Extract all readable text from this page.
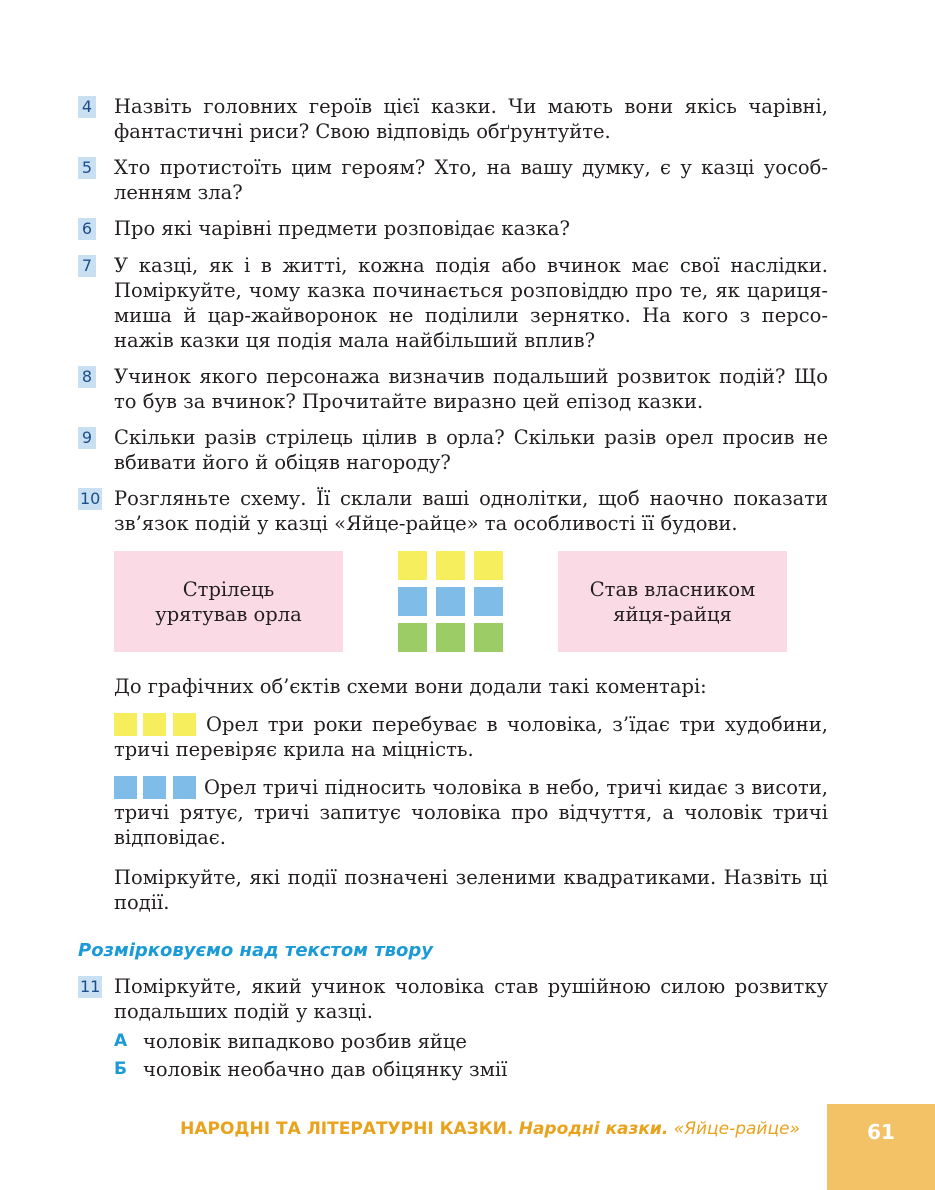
4 Назвіть головних героїв цієї казки. Чи мають вони якісь чарівні, фантастичні риси? Свою відповідь обґрунтуйте.
5 Хто протистоїть цим героям? Хто, на вашу думку, є у казці уособленням зла?
6 Про які чарівні предмети розповідає казка?
7 У казці, як і в житті, кожна подія або вчинок має свої наслідки. Поміркуйте, чому казка починається розповіддю про те, як цариця-миша й цар-жайворонок не поділили зернятко. На кого з персонажів казки ця подія мала найбільший вплив?
8 Учинок якого персонажа визначив подальший розвиток подій? Що то був за вчинок? Прочитайте виразно цей епізод казки.
9 Скільки разів стрілець цілив в орла? Скільки разів орел просив не вбивати його й обіцяв нагороду?
10 Розгляньте схему. Її склали ваші однолітки, щоб наочно показати зв’язок подій у казці «Яйце-райце» та особливості її будови.
Стрілець урятував орла
Став власником яйця-райця
До графічних об’єктів схеми вони додали такі коментарі:
Орел три роки перебуває в чоловіка, з’їдає три худобини, тричі перевіряє крила на міцність.
Орел тричі підносить чоловіка в небо, тричі кидає з висоти, тричі рятує, тричі запитує чоловіка про відчуття, а чоловік тричі відповідає.
Поміркуйте, які події позначені зеленими квадратиками. Назвіть ці події.
Розмірковуємо над текстом твору
11 Поміркуйте, який учинок чоловіка став рушійною силою розвитку подальших подій у казці.
А чоловік випадково розбив яйце
Б чоловік необачно дав обіцянку змії
НАРОДНІ ТА ЛІТЕРАТУРНІ КАЗКИ. Народні казки. «Яйце-райце»	61
